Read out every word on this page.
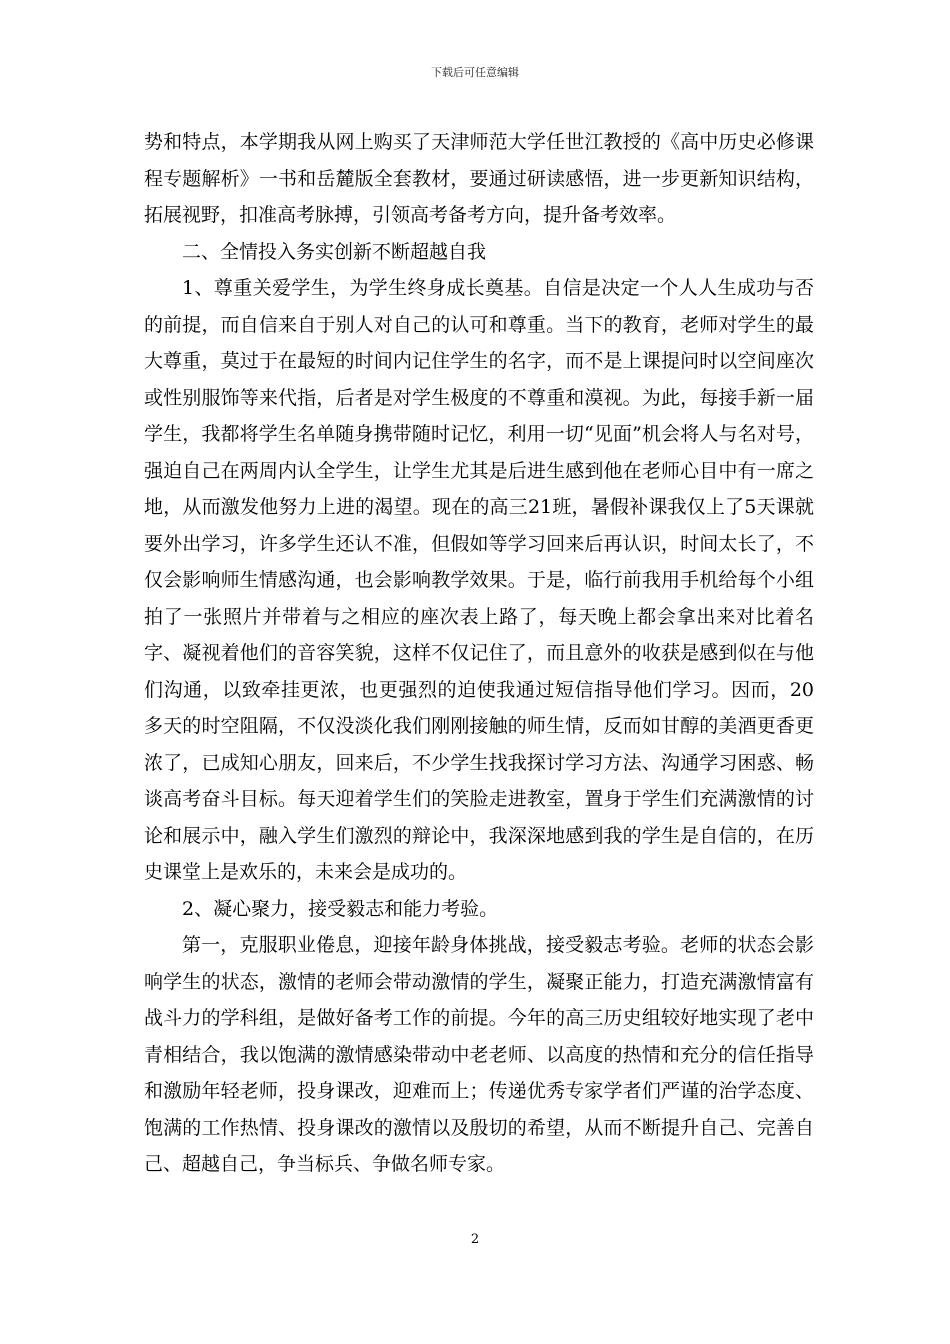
下载后可任意编辑

势和特点，本学期我从网上购买了天津师范大学任世江教授的《高中历史必修课程专题解析》一书和岳麓版全套教材，要通过研读感悟，进一步更新知识结构，拓展视野，扣准高考脉搏，引领高考备考方向，提升备考效率。

二、全情投入务实创新不断超越自我

1、尊重关爱学生，为学生终身成长奠基。自信是决定一个人人生成功与否的前提，而自信来自于别人对自己的认可和尊重。当下的教育，老师对学生的最大尊重，莫过于在最短的时间内记住学生的名字，而不是上课提问时以空间座次或性别服饰等来代指，后者是对学生极度的不尊重和漠视。为此，每接手新一届学生，我都将学生名单随身携带随时记忆，利用一切“见面”机会将人与名对号，强迫自己在两周内认全学生，让学生尤其是后进生感到他在老师心目中有一席之地，从而激发他努力上进的渴望。现在的高三21班，暑假补课我仅上了5天课就要外出学习，许多学生还认不准，但假如等学习回来后再认识，时间太长了，不仅会影响师生情感沟通，也会影响教学效果。于是，临行前我用手机给每个小组拍了一张照片并带着与之相应的座次表上路了，每天晚上都会拿出来对比着名字、凝视着他们的音容笑貌，这样不仅记住了，而且意外的收获是感到似在与他们沟通，以致牵挂更浓，也更强烈的迫使我通过短信指导他们学习。因而，20多天的时空阻隔，不仅没淡化我们刚刚接触的师生情，反而如甘醇的美酒更香更浓了，已成知心朋友，回来后，不少学生找我探讨学习方法、沟通学习困惑、畅谈高考奋斗目标。每天迎着学生们的笑脸走进教室，置身于学生们充满激情的讨论和展示中，融入学生们激烈的辩论中，我深深地感到我的学生是自信的，在历史课堂上是欢乐的，未来会是成功的。

2、凝心聚力，接受毅志和能力考验。

第一，克服职业倦息，迎接年龄身体挑战，接受毅志考验。老师的状态会影响学生的状态，激情的老师会带动激情的学生，凝聚正能力，打造充满激情富有战斗力的学科组，是做好备考工作的前提。今年的高三历史组较好地实现了老中青相结合，我以饱满的激情感染带动中老老师、以高度的热情和充分的信任指导和激励年轻老师，投身课改，迎难而上；传递优秀专家学者们严谨的治学态度、饱满的工作热情、投身课改的激情以及殷切的希望，从而不断提升自己、完善自己、超越自己，争当标兵、争做名师专家。

2
